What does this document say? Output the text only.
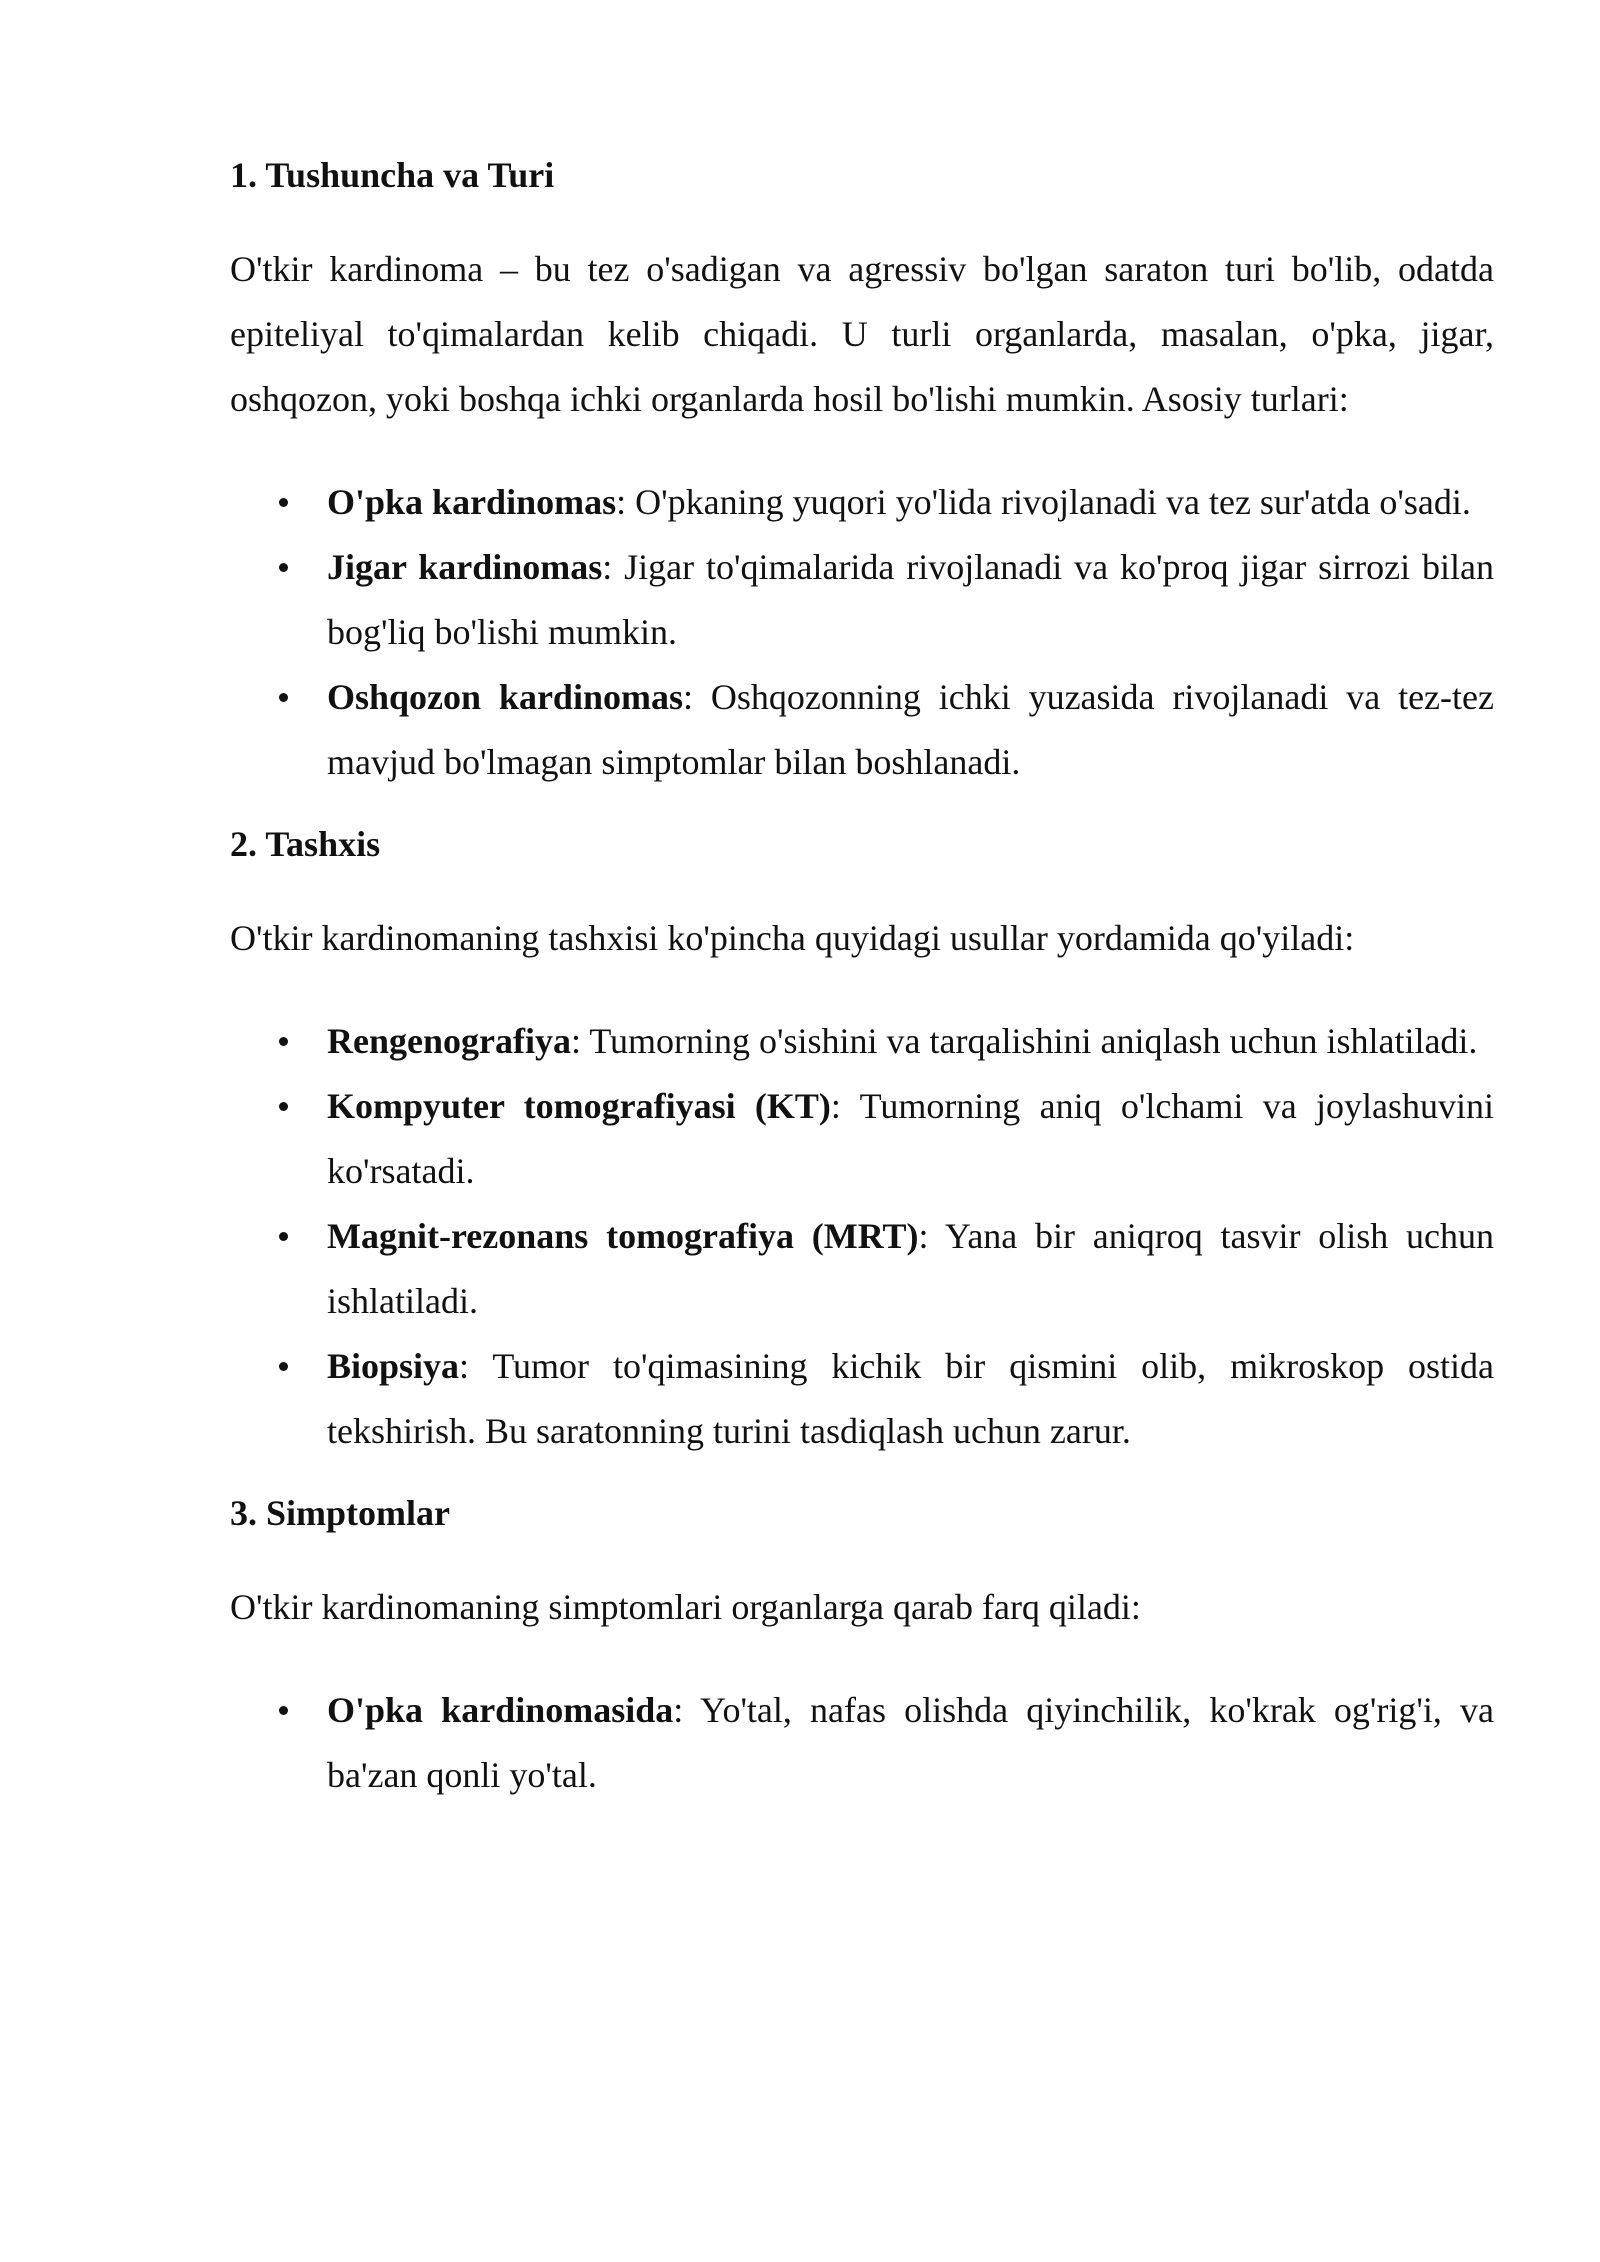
1. Tushuncha va Turi

O'tkir kardinoma – bu tez o'sadigan va agressiv bo'lgan saraton turi bo'lib, odatda epiteliyal to'qimalardan kelib chiqadi. U turli organlarda, masalan, o'pka, jigar, oshqozon, yoki boshqa ichki organlarda hosil bo'lishi mumkin. Asosiy turlari:

O'pka kardinomas: O'pkaning yuqori yo'lida rivojlanadi va tez sur'atda o'sadi.
Jigar kardinomas: Jigar to'qimalarida rivojlanadi va ko'proq jigar sirrozi bilan bog'liq bo'lishi mumkin.
Oshqozon kardinomas: Oshqozonning ichki yuzasida rivojlanadi va tez-tez mavjud bo'lmagan simptomlar bilan boshlanadi.
2. Tashxis

O'tkir kardinomaning tashxisi ko'pincha quyidagi usullar yordamida qo'yiladi:

Rengenografiya: Tumorning o'sishini va tarqalishini aniqlash uchun ishlatiladi.
Kompyuter tomografiyasi (KT): Tumorning aniq o'lchami va joylashuvini ko'rsatadi.
Magnit-rezonans tomografiya (MRT): Yana bir aniqroq tasvir olish uchun ishlatiladi.
Biopsiya: Tumor to'qimasining kichik bir qismini olib, mikroskop ostida tekshirish. Bu saratonning turini tasdiqlash uchun zarur.
3. Simptomlar

O'tkir kardinomaning simptomlari organlarga qarab farq qiladi:

O'pka kardinomasida: Yo'tal, nafas olishda qiyinchilik, ko'krak og'rig'i, va ba'zan qonli yo'tal.
